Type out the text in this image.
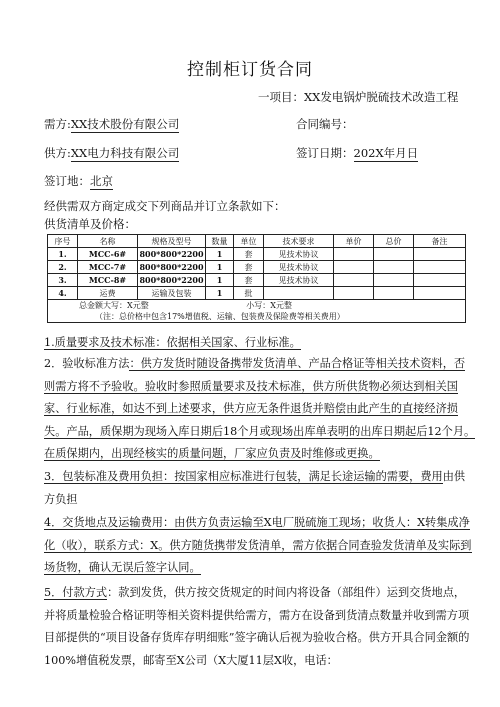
控制柜订货合同
一项目：XX发电锅炉脱硫技术改造工程
需方:XX技术股份有限公司	合同编号：
供方:XX电力科技有限公司	签订日期：202X年月日
签订地：北京
经供需双方商定成交下列商品并订立条款如下：
供货清单及价格：
序号	名称	规格及型号	数量	单位	技术要求	单价	总价	备注
1.	MCC-6#	800*800*2200	1	套	见技术协议			
2.	MCC-7#	800*800*2200	1	套	见技术协议			
3.	MCC-8#	800*800*2200	1	套	见技术协议			
4.	运费	运输及包装	1	批				
总金额大写：X元整 小写：X元整
（注：总价格中包含17%增值税、运输、包装费及保险费等相关费用）								
1.质量要求及技术标准：依据相关国家、行业标准。
2．验收标准方法：供方发货时随设备携带发货清单、产品合格证等相关技术资料，否则需方将不予验收。验收时参照质量要求及技术标准，供方所供货物必须达到相关国家、行业标准，如达不到上述要求，供方应无条件退货并赔偿由此产生的直接经济损失。产品，质保期为现场入库日期后18个月或现场出库单表明的出库日期起后12个月。在质保期内，出现经核实的质量问题，厂家应负责及时维修或更换。
3．包装标准及费用负担：按国家相应标准进行包装，满足长途运输的需要，费用由供方负担
4．交货地点及运输费用：由供方负责运输至X电厂脱硫施工现场；收货人：X转集成净化（收），联系方式：X。供方随货携带发货清单，需方依据合同查验发货清单及实际到场货物，确认无误后签字认同。
5．付款方式：款到发货，供方按交货规定的时间内将设备（部组件）运到交货地点，并将质量检验合格证明等相关资料提供给需方，需方在设备到货清点数量并收到需方项目部提供的“项目设备存货库存明细账”签字确认后视为验收合格。供方开具合同金额的100%增值税发票，邮寄至X公司（X大厦11层X收，电话：
